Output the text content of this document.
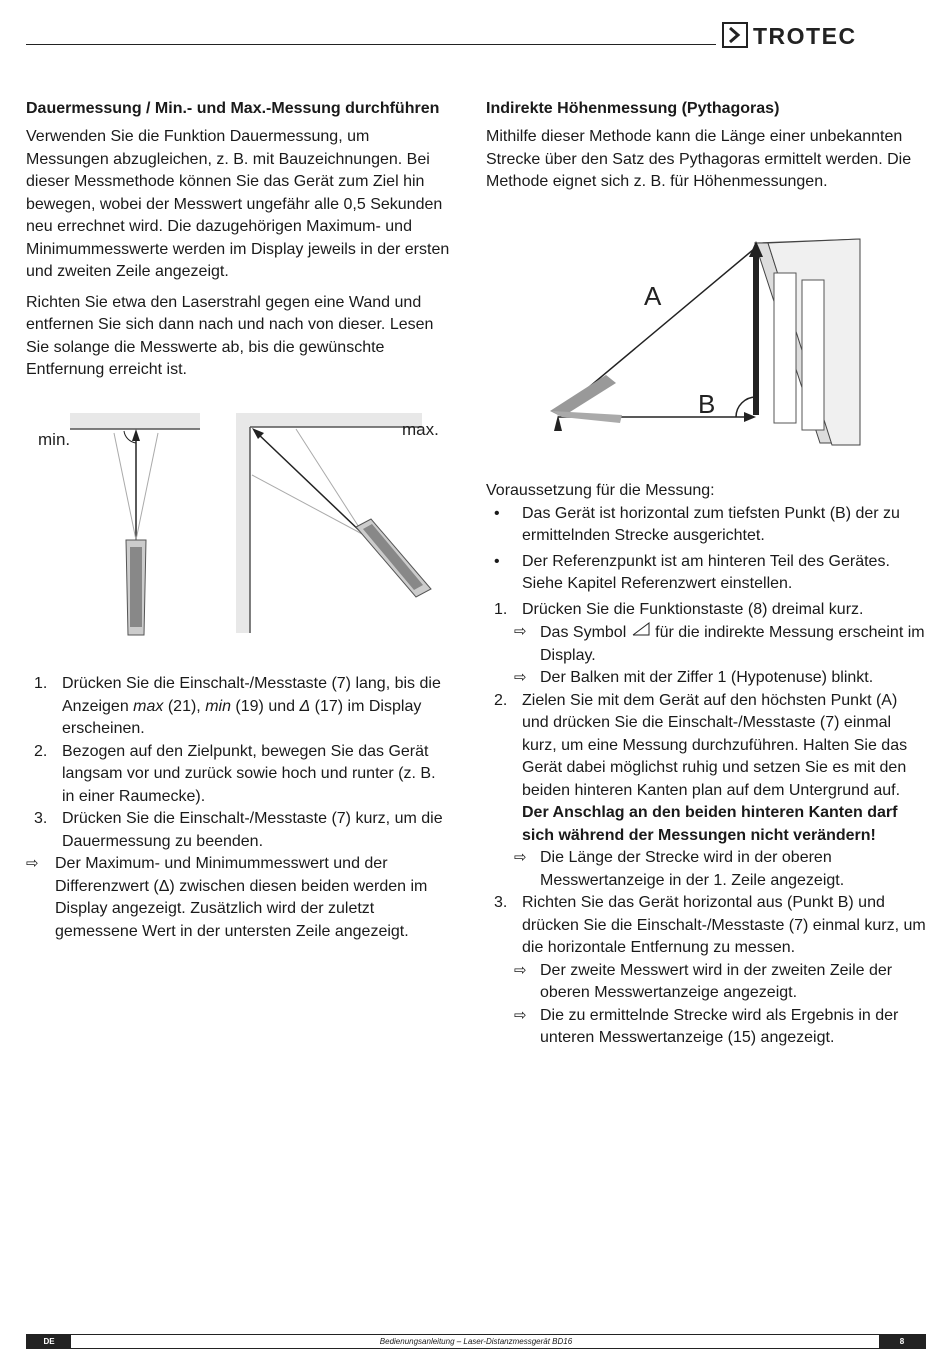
TROTEC
Dauermessung / Min.- und Max.-Messung durchführen

Verwenden Sie die Funktion Dauermessung, um Messungen abzugleichen, z. B. mit Bauzeichnungen. Bei dieser Messmethode können Sie das Gerät zum Ziel hin bewegen, wobei der Messwert ungefähr alle 0,5 Sekunden neu errechnet wird. Die dazugehörigen Maximum- und Minimummesswerte werden im Display jeweils in der ersten und zweiten Zeile angezeigt.

Richten Sie etwa den Laserstrahl gegen eine Wand und entfernen Sie sich dann nach und nach von dieser. Lesen Sie solange die Messwerte ab, bis die gewünschte Entfernung erreicht ist.

min.
max.
1. Drücken Sie die Einschalt-/Messtaste (7) lang, bis die Anzeigen max (21), min (19) und Δ (17) im Display erscheinen.
2. Bezogen auf den Zielpunkt, bewegen Sie das Gerät langsam vor und zurück sowie hoch und runter (z. B. in einer Raumecke).
3. Drücken Sie die Einschalt-/Messtaste (7) kurz, um die Dauermessung zu beenden.
⇨ Der Maximum- und Minimummesswert und der Differenzwert (Δ) zwischen diesen beiden werden im Display angezeigt. Zusätzlich wird der zuletzt gemessene Wert in der untersten Zeile angezeigt.
Indirekte Höhenmessung (Pythagoras)

Mithilfe dieser Methode kann die Länge einer unbekannten Strecke über den Satz des Pythagoras ermittelt werden. Die Methode eignet sich z. B. für Höhenmessungen.

A
B
Voraussetzung für die Messung:
• Das Gerät ist horizontal zum tiefsten Punkt (B) der zu ermittelnden Strecke ausgerichtet.
• Der Referenzpunkt ist am hinteren Teil des Gerätes. Siehe Kapitel Referenzwert einstellen.
1. Drücken Sie die Funktionstaste (8) dreimal kurz.
⇨ Das Symbol  für die indirekte Messung erscheint im Display.
⇨ Der Balken mit der Ziffer 1 (Hypotenuse) blinkt.
2. Zielen Sie mit dem Gerät auf den höchsten Punkt (A) und drücken Sie die Einschalt-/Messtaste (7) einmal kurz, um eine Messung durchzuführen. Halten Sie das Gerät dabei möglichst ruhig und setzen Sie es mit den beiden hinteren Kanten plan auf dem Untergrund auf. Der Anschlag an den beiden hinteren Kanten darf sich während der Messungen nicht verändern!
⇨ Die Länge der Strecke wird in der oberen Messwertanzeige in der 1. Zeile angezeigt.
3. Richten Sie das Gerät horizontal aus (Punkt B) und drücken Sie die Einschalt-/Messtaste (7) einmal kurz, um die horizontale Entfernung zu messen.
⇨ Der zweite Messwert wird in der zweiten Zeile der oberen Messwertanzeige angezeigt.
⇨ Die zu ermittelnde Strecke wird als Ergebnis in der unteren Messwertanzeige (15) angezeigt.
Bedienungsanleitung – Laser-Distanzmessgerät BD16
DE	8
